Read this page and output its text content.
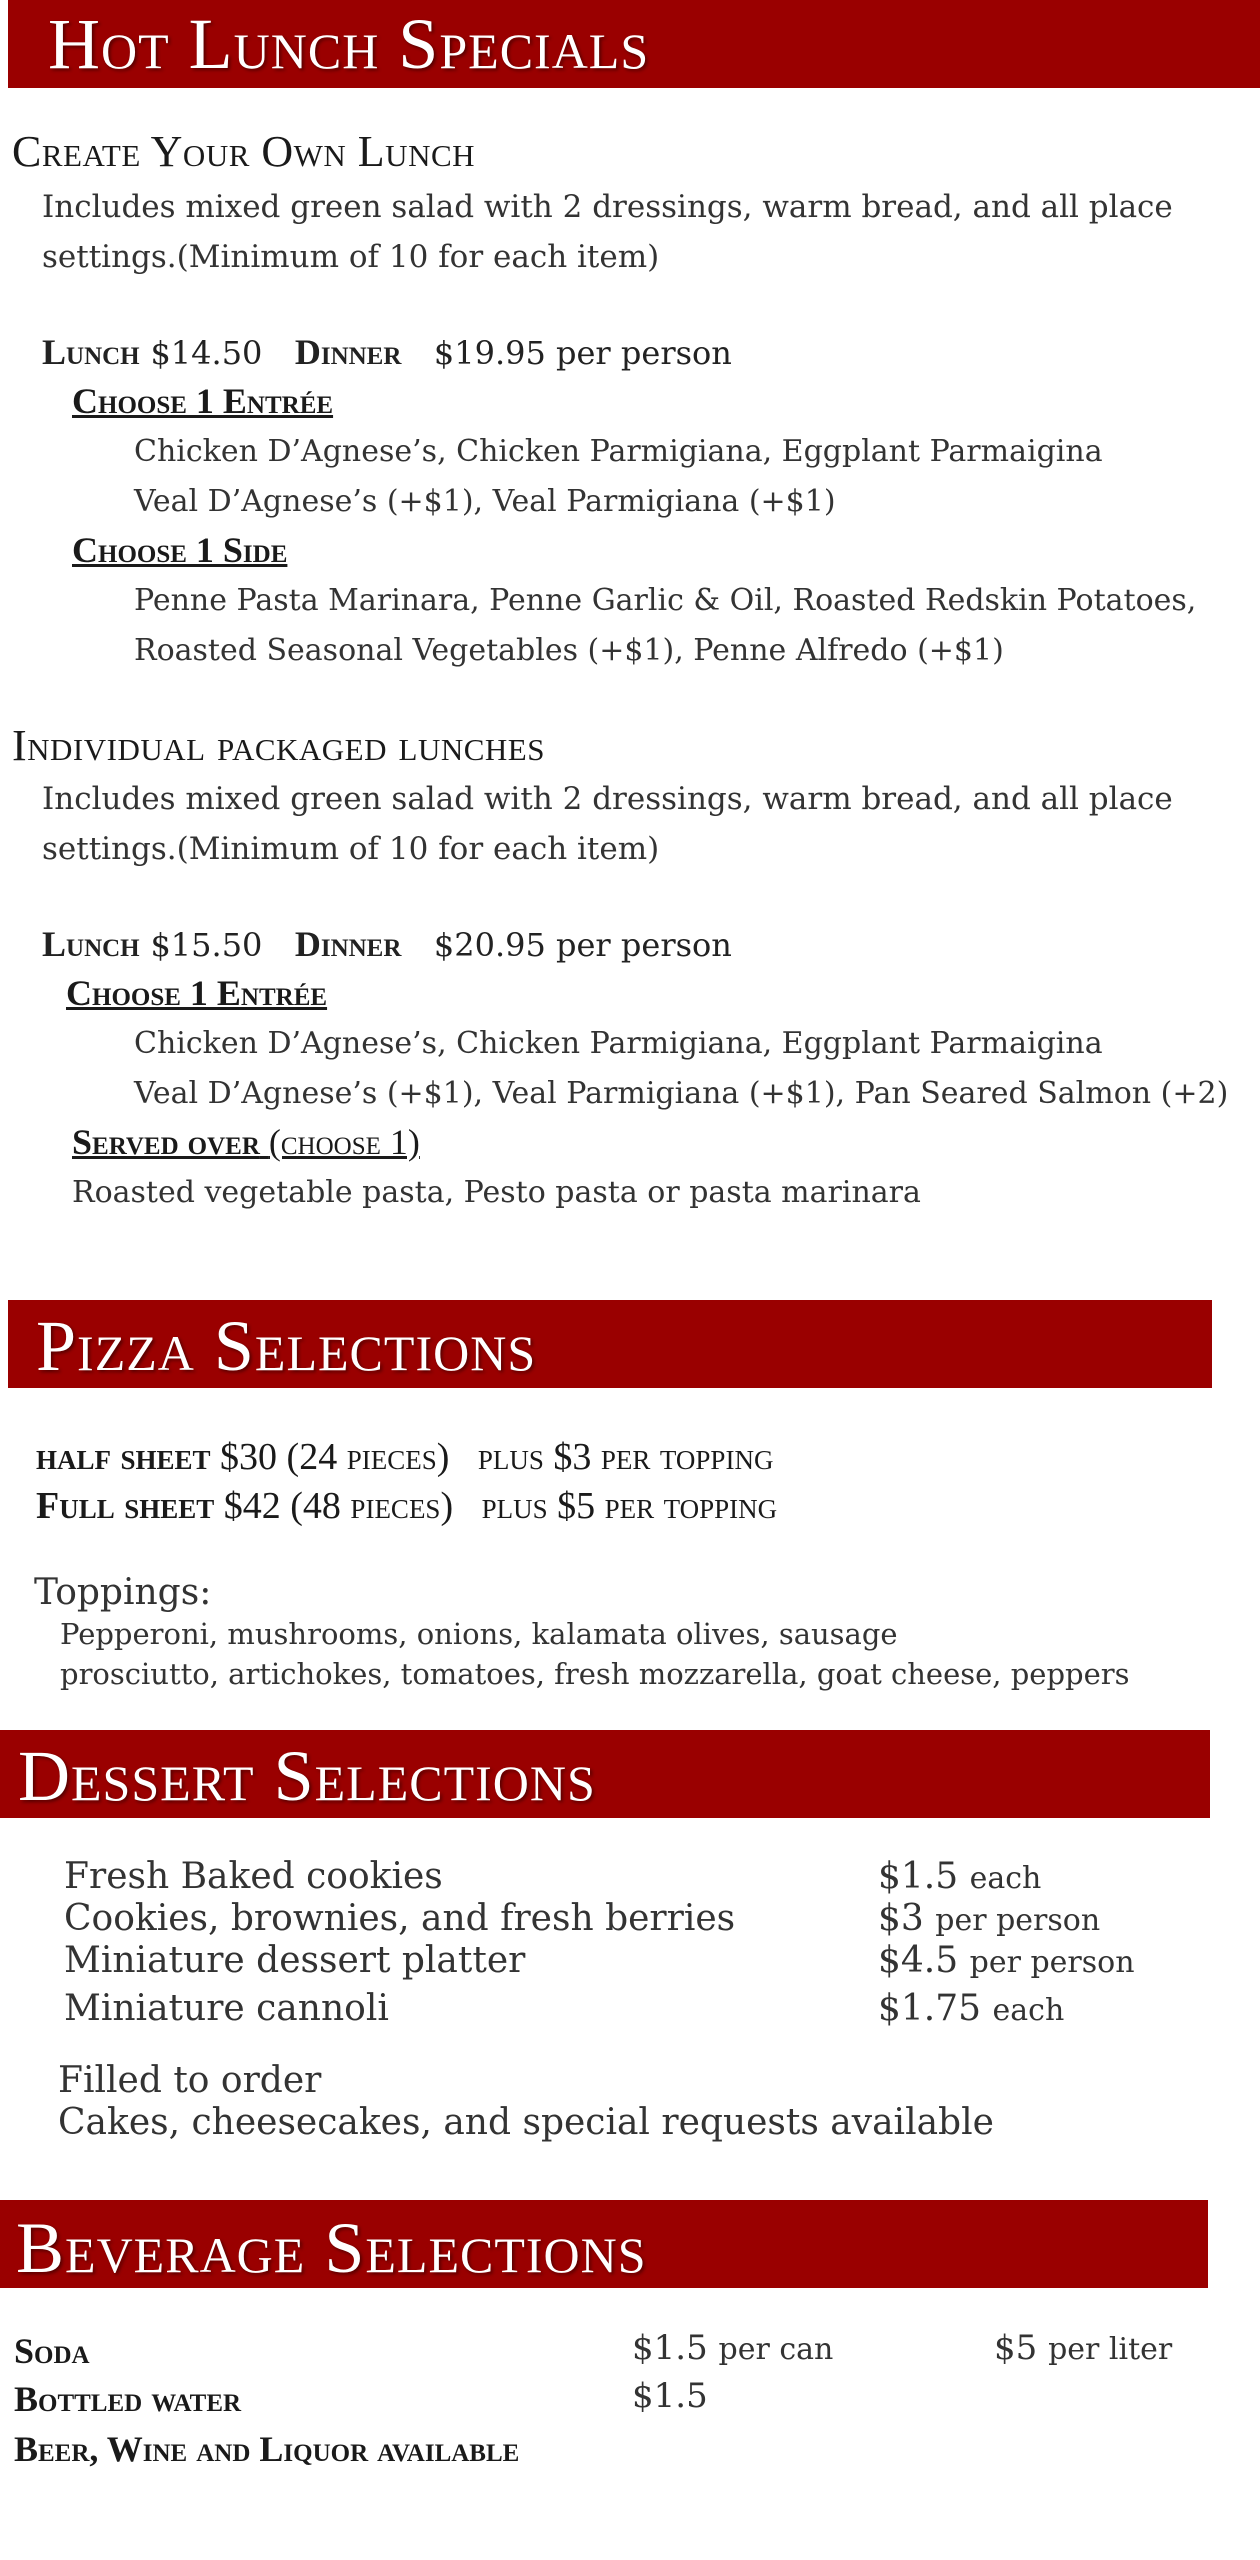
Hot Lunch Specials
Create Your Own Lunch
Includes mixed green salad with 2 dressings, warm bread, and all place
settings.(Minimum of 10 for each item)
Lunch $14.50 Dinner $19.95 per person
Choose 1 Entrée
Chicken D’Agnese’s, Chicken Parmigiana, Eggplant Parmaigina
Veal D’Agnese’s (+$1), Veal Parmigiana (+$1)
Choose 1 Side
Penne Pasta Marinara, Penne Garlic & Oil, Roasted Redskin Potatoes,
Roasted Seasonal Vegetables (+$1), Penne Alfredo (+$1)
Individual packaged lunches
Includes mixed green salad with 2 dressings, warm bread, and all place
settings.(Minimum of 10 for each item)
Lunch $15.50 Dinner $20.95 per person
Choose 1 Entrée
Chicken D’Agnese’s, Chicken Parmigiana, Eggplant Parmaigina
Veal D’Agnese’s (+$1), Veal Parmigiana (+$1), Pan Seared Salmon (+2)
Served over (choose 1)
Roasted vegetable pasta, Pesto pasta or pasta marinara
Pizza Selections
half sheet $30 (24 pieces) plus $3 per topping
Full sheet $42 (48 pieces) plus $5 per topping
Toppings:
Pepperoni, mushrooms, onions, kalamata olives, sausage
prosciutto, artichokes, tomatoes, fresh mozzarella, goat cheese, peppers
Dessert Selections
Fresh Baked cookies	$1.5 each
Cookies, brownies, and fresh berries	$3 per person
Miniature dessert platter	$4.5 per person
Miniature cannoli	$1.75 each
Filled to order
Cakes, cheesecakes, and special requests available
Beverage Selections
Soda	$1.5 per can	$5 per liter
Bottled water	$1.5
Beer, Wine and Liquor available
